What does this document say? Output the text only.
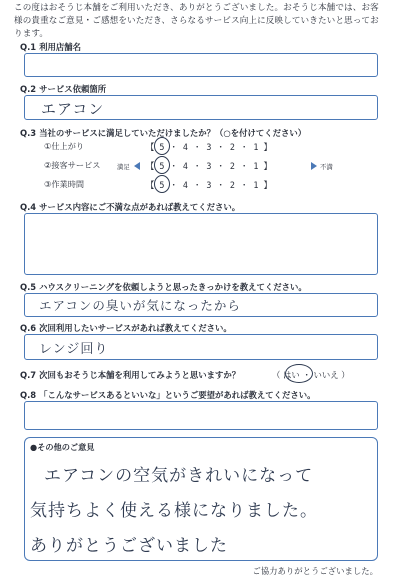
この度はおそうじ本舗をご利用いただき、ありがとうございました。おそうじ本舗では、お客様の貴重なご意見・ご感想をいただき、さらなるサービス向上に反映していきたいと思っております。
Q.1 利用店舗名
Q.2 サービス依頼箇所
エアコン
Q.3 当社のサービスに満足していただけましたか？（○を付けてください）
①仕上がり	【 5 ・ 4 ・ 3 ・ 2 ・ 1 】
②接客サービス	満足 【 5 ・ 4 ・ 3 ・ 2 ・ 1 】	不満
③作業時間	【 5 ・ 4 ・ 3 ・ 2 ・ 1 】
Q.4 サービス内容にご不満な点があれば教えてください。
Q.5 ハウスクリーニングを依頼しようと思ったきっかけを教えてください。
エアコンの臭いが気になったから
Q.6 次回利用したいサービスがあれば教えてください。
レンジ回り
Q.7 次回もおそうじ本舗を利用してみようと思いますか？	（ はい ・ いいえ ）
Q.8 「こんなサービスあるといいな」というご要望があれば教えてください。
●その他のご意見
エアコンの空気がきれいになって
気持ちよく使える様になりました。
ありがとうございました
ご協力ありがとうございました。
